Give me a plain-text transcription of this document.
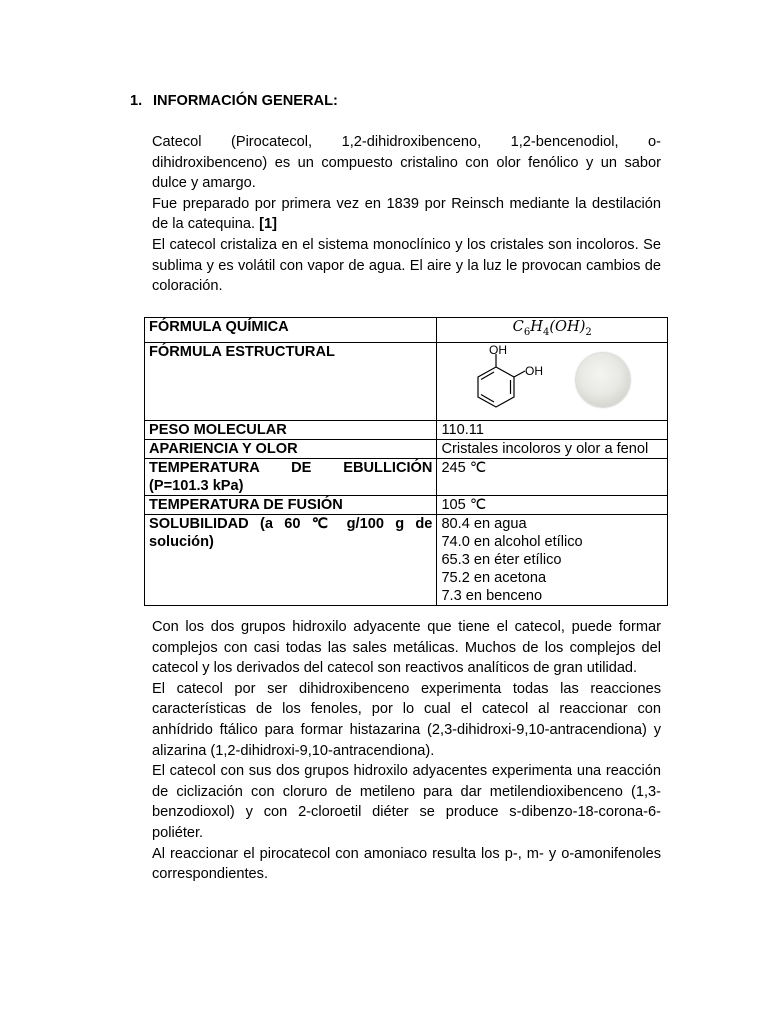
1. INFORMACIÓN GENERAL:

Catecol (Pirocatecol, 1,2-dihidroxibenceno, 1,2-bencenodiol, o-dihidroxibenceno) es un compuesto cristalino con olor fenólico y un sabor dulce y amargo.

Fue preparado por primera vez en 1839 por Reinsch mediante la destilación de la catequina. [1]

El catecol cristaliza en el sistema monoclínico y los cristales son incoloros. Se sublima y es volátil con vapor de agua. El aire y la luz le provocan cambios de coloración.

FÓRMULA QUÍMICA	$C_6H_4(OH)_2$
FÓRMULA ESTRUCTURAL	OH
OH

PESO MOLECULAR	110.11
APARIENCIA Y OLOR	Cristales incoloros y olor a fenol
TEMPERATURA DE EBULLICIÓN (P=101.3 kPa)	245 ℃
TEMPERATURA DE FUSIÓN	105 ℃
SOLUBILIDAD (a 60 ℃ g/100 g de solución)	80.4 en agua
74.0 en alcohol etílico
65.3 en éter etílico
75.2 en acetona
7.3 en benceno

Con los dos grupos hidroxilo adyacente que tiene el catecol, puede formar complejos con casi todas las sales metálicas. Muchos de los complejos del catecol y los derivados del catecol son reactivos analíticos de gran utilidad.

El catecol por ser dihidroxibenceno experimenta todas las reacciones características de los fenoles, por lo cual el catecol al reaccionar con anhídrido ftálico para formar histazarina (2,3-dihidroxi-9,10-antracendiona) y alizarina (1,2-dihidroxi-9,10-antracendiona).

El catecol con sus dos grupos hidroxilo adyacentes experimenta una reacción de ciclización con cloruro de metileno para dar metilendioxibenceno (1,3-benzodioxol) y con 2-cloroetil diéter se produce s-dibenzo-18-corona-6-poliéter.

Al reaccionar el pirocatecol con amoniaco resulta los p-, m- y o-amonifenoles correspondientes.
